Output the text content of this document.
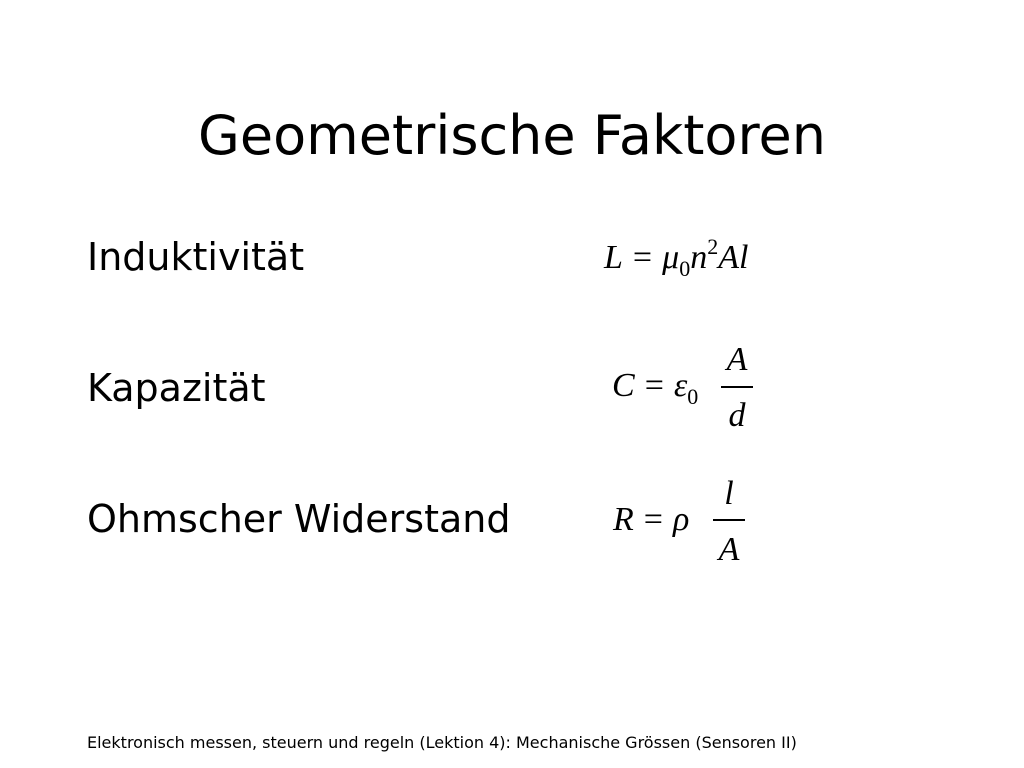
Geometrische Faktoren
Induktivität	$L = \mu_0n^2Al$
Kapazität	$C = \varepsilon_0$
A
d
Ohmscher Widerstand	R = ρ
l
A
Elektronisch messen, steuern und regeln (Lektion 4): Mechanische Grössen (Sensoren II)
